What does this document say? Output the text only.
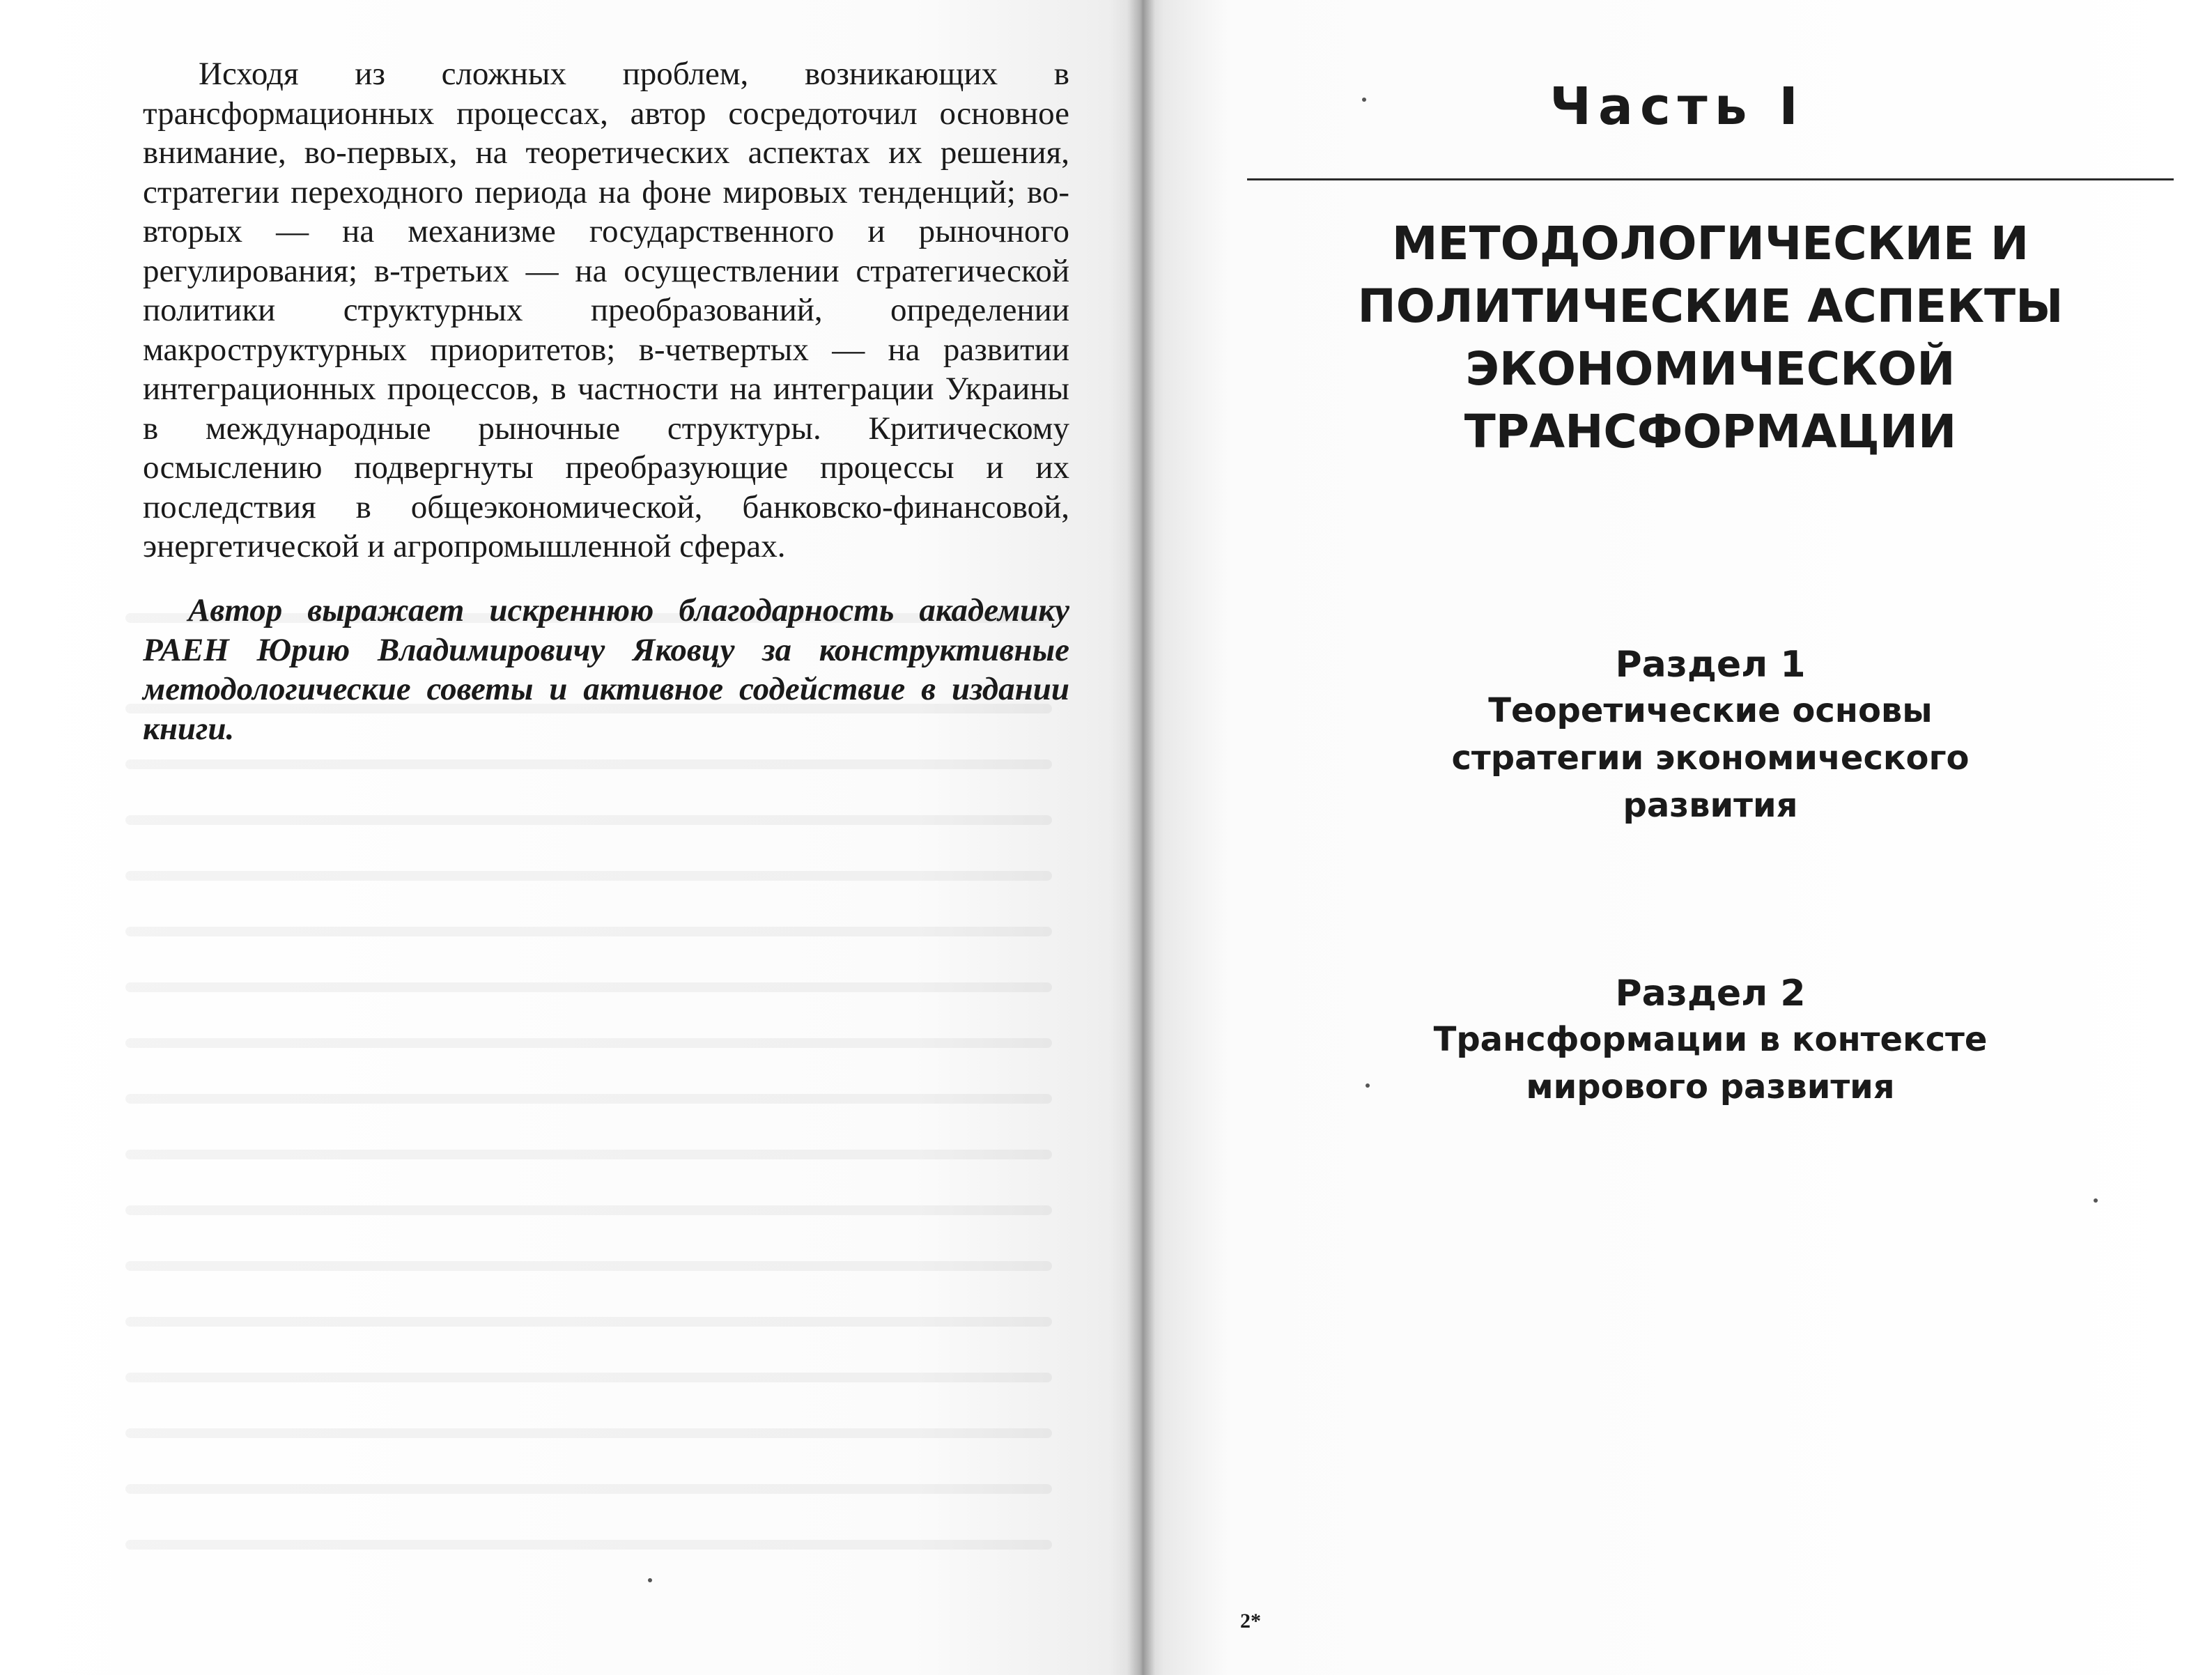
Исходя из сложных проблем, возникающих в трансформационных процессах, автор сосредоточил основное внимание, во-первых, на теоретических аспектах их решения, стратегии переходного периода на фоне мировых тенденций; во-вторых — на механизме государственного и рыночного регулирования; в-третьих — на осуществлении стратегической политики структурных преобразований, определении макроструктурных приоритетов; в-четвертых — на развитии интеграционных процессов, в частности на интеграции Украины в международные рыночные структуры. Критическому осмыслению подвергнуты преобразующие процессы и их последствия в общеэкономической, банковско-финансовой, энергетической и агропромышленной сферах.

Автор выражает искреннюю благодарность академику РАЕН Юрию Владимировичу Яковцу за конструктивные методологические советы и активное содействие в издании книги.

Часть I
МЕТОДОЛОГИЧЕСКИЕ И
ПОЛИТИЧЕСКИЕ АСПЕКТЫ
ЭКОНОМИЧЕСКОЙ
ТРАНСФОРМАЦИИ
Раздел 1
Теоретические основы
стратегии экономического
развития
Раздел 2
Трансформации в контексте
мирового развития
2*
